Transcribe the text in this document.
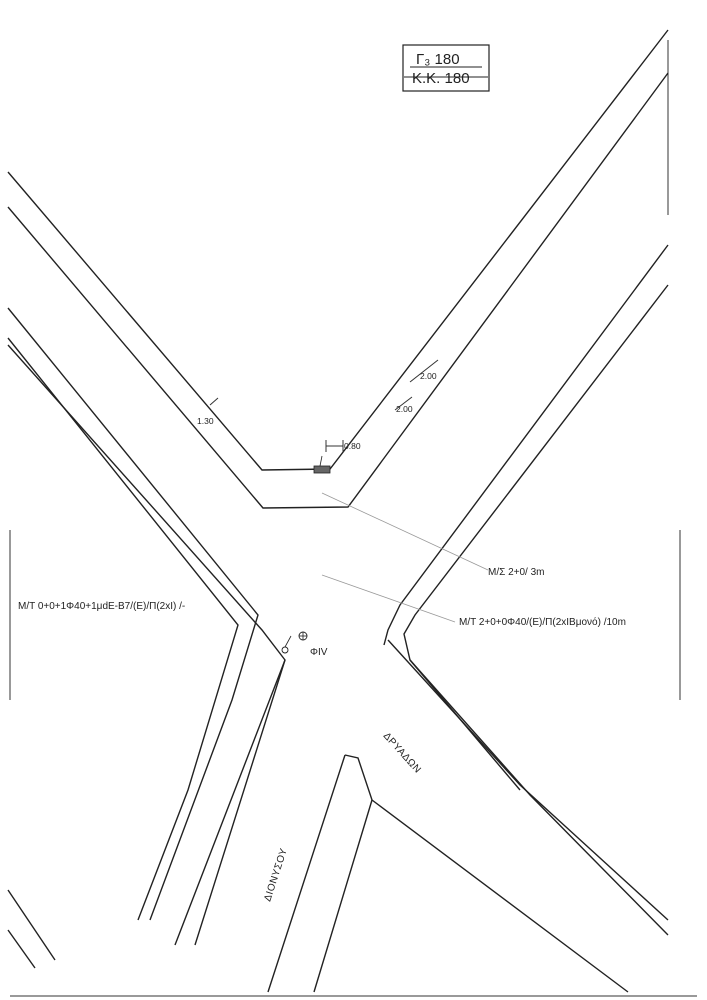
Γ₃ 180
Κ.Κ. 180
1.30
2.00
2.00
0.80
M/Σ 2+0/ 3m
M/T 2+0+0Φ40/(E)/Π(2xIBμονό) /10m
M/T 0+0+1Φ40+1μdE-B7/(E)/Π(2xI) /-
ΦIV
ΔΡΥΑΔΩΝ
ΔΙΟΝΥΣΟΥ
